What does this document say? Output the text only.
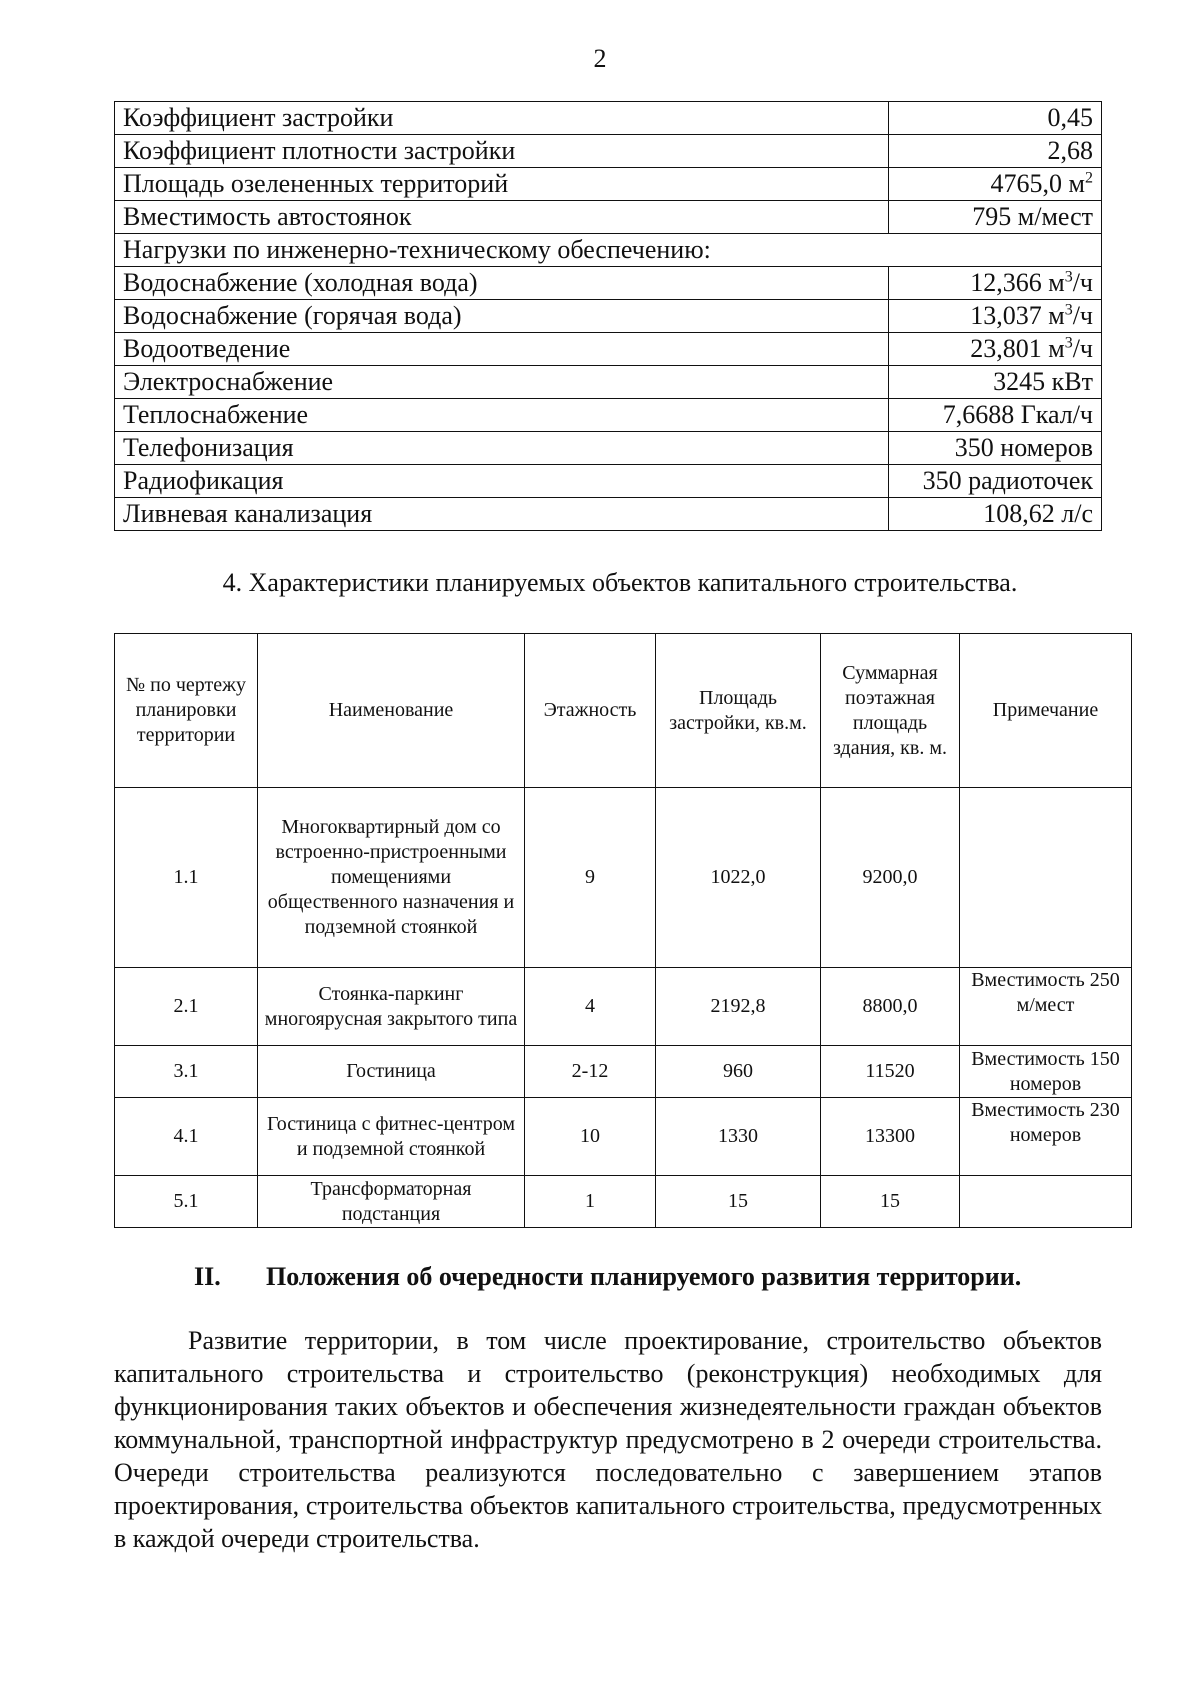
2
Коэффициент застройки	0,45
Коэффициент плотности застройки	2,68
Площадь озелененных территорий	4765,0 $м^2$
Вместимость автостоянок	795 м/мест
Нагрузки по инженерно-техническому обеспечению:	
Водоснабжение (холодная вода)	12,366 $м^3/ч$
Водоснабжение (горячая вода)	13,037 $м^3/ч$
Водоотведение	23,801 $м^3/ч$
Электроснабжение	3245 кВт
Теплоснабжение	7,6688 Гкал/ч
Телефонизация	350 номеров
Радиофикация	350 радиоточек
Ливневая канализация	108,62 л/с
4. Характеристики планируемых объектов капитального строительства.
№ по чертежу планировки территории	Наименование	Этажность	Площадь застройки, кв.м.	Суммарная поэтажная площадь здания, кв. м.	Примечание
1.1	Многоквартирный дом со встроенно-пристроенными помещениями общественного назначения и подземной стоянкой	9	1022,0	9200,0	
2.1	Стоянка-паркинг многоярусная закрытого типа	4	2192,8	8800,0	Вместимость 250 м/мест
3.1	Гостиница	2-12	960	11520	Вместимость 150 номеров
4.1	Гостиница с фитнес-центром и подземной стоянкой	10	1330	13300	Вместимость 230 номеров
5.1	Трансформаторная подстанция	1	15	15	
II. Положения об очередности планируемого развития территории.
Развитие территории, в том числе проектирование, строительство объектов капитального строительства и строительство (реконструкция) необходимых для функционирования таких объектов и обеспечения жизнедеятельности граждан объектов коммунальной, транспортной инфраструктур предусмотрено в 2 очереди строительства. Очереди строительства реализуются последовательно с завершением этапов проектирования, строительства объектов капитального строительства, предусмотренных в каждой очереди строительства.
